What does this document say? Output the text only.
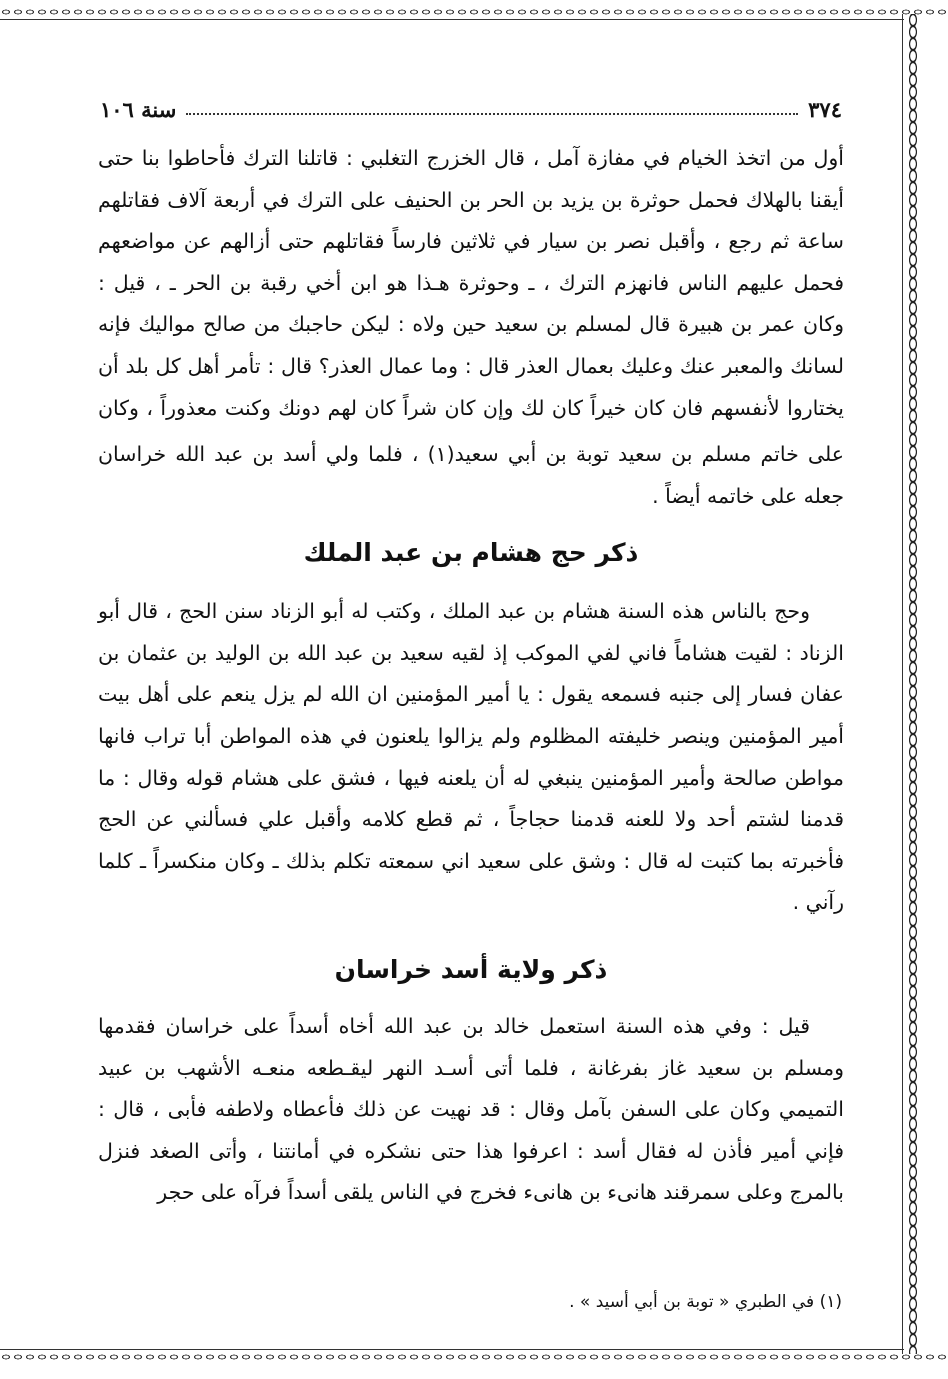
٣٧٤
سنة ١٠٦

أول من اتخذ الخيام في مفازة آمل ، قال الخزرج التغلبي : قاتلنا الترك فأحاطوا بنا حتى أيقنا بالهلاك فحمل حوثرة بن يزيد بن الحر بن الحنيف على الترك في أربعة آلاف فقاتلهم ساعة ثم رجع ، وأقبل نصر بن سيار في ثلاثين فارساً فقاتلهم حتى أزالهم عن مواضعهم فحمل عليهم الناس فانهزم الترك ، ـ وحوثرة هـذا هو ابن أخي رقبة بن الحر ـ ، قيل : وكان عمر بن هبيرة قال لمسلم بن سعيد حين ولاه : ليكن حاجبك من صالح مواليك فإنه لسانك والمعبر عنك وعليك بعمال العذر قال : وما عمال العذر؟ قال : تأمر أهل كل بلد أن يختاروا لأنفسهم فان كان خيراً كان لك وإن كان شراً كان لهم دونك وكنت معذوراً ، وكان على خاتم مسلم بن سعيد توبة بن أبي سعيد(١) ، فلما ولي أسد بن عبد الله خراسان جعله على خاتمه أيضاً .

ذكر حج هشام بن عبد الملك

وحج بالناس هذه السنة هشام بن عبد الملك ، وكتب له أبو الزناد سنن الحج ، قال أبو الزناد : لقيت هشاماً فاني لفي الموكب إذ لقيه سعيد بن عبد الله بن الوليد بن عثمان بن عفان فسار إلى جنبه فسمعه يقول : يا أمير المؤمنين ان الله لم يزل ينعم على أهل بيت أمير المؤمنين وينصر خليفته المظلوم ولم يزالوا يلعنون في هذه المواطن أبا تراب فانها مواطن صالحة وأمير المؤمنين ينبغي له أن يلعنه فيها ، فشق على هشام قوله وقال : ما قدمنا لشتم أحد ولا للعنه قدمنا حجاجاً ، ثم قطع كلامه وأقبل علي فسألني عن الحج فأخبرته بما كتبت له قال : وشق على سعيد اني سمعته تكلم بذلك ـ وكان منكسراً ـ كلما رآني .

ذكر ولاية أسد خراسان

قيل : وفي هذه السنة استعمل خالد بن عبد الله أخاه أسداً على خراسان فقدمها ومسلم بن سعيد غاز بفرغانة ، فلما أتى أسـد النهر ليقـطعه منعـه الأشهب بن عبيد التميمي وكان على السفن بآمل وقال : قد نهيت عن ذلك فأعطاه ولاطفه فأبى ، قال : فإني أمير فأذن له فقال أسد : اعرفوا هذا حتى نشكره في أمانتنا ، وأتى الصغد فنزل بالمرج وعلى سمرقند هانىء بن هانىء فخرج في الناس يلقى أسداً فرآه على حجر

(١) في الطبري « توبة بن أبي أسيد » .
